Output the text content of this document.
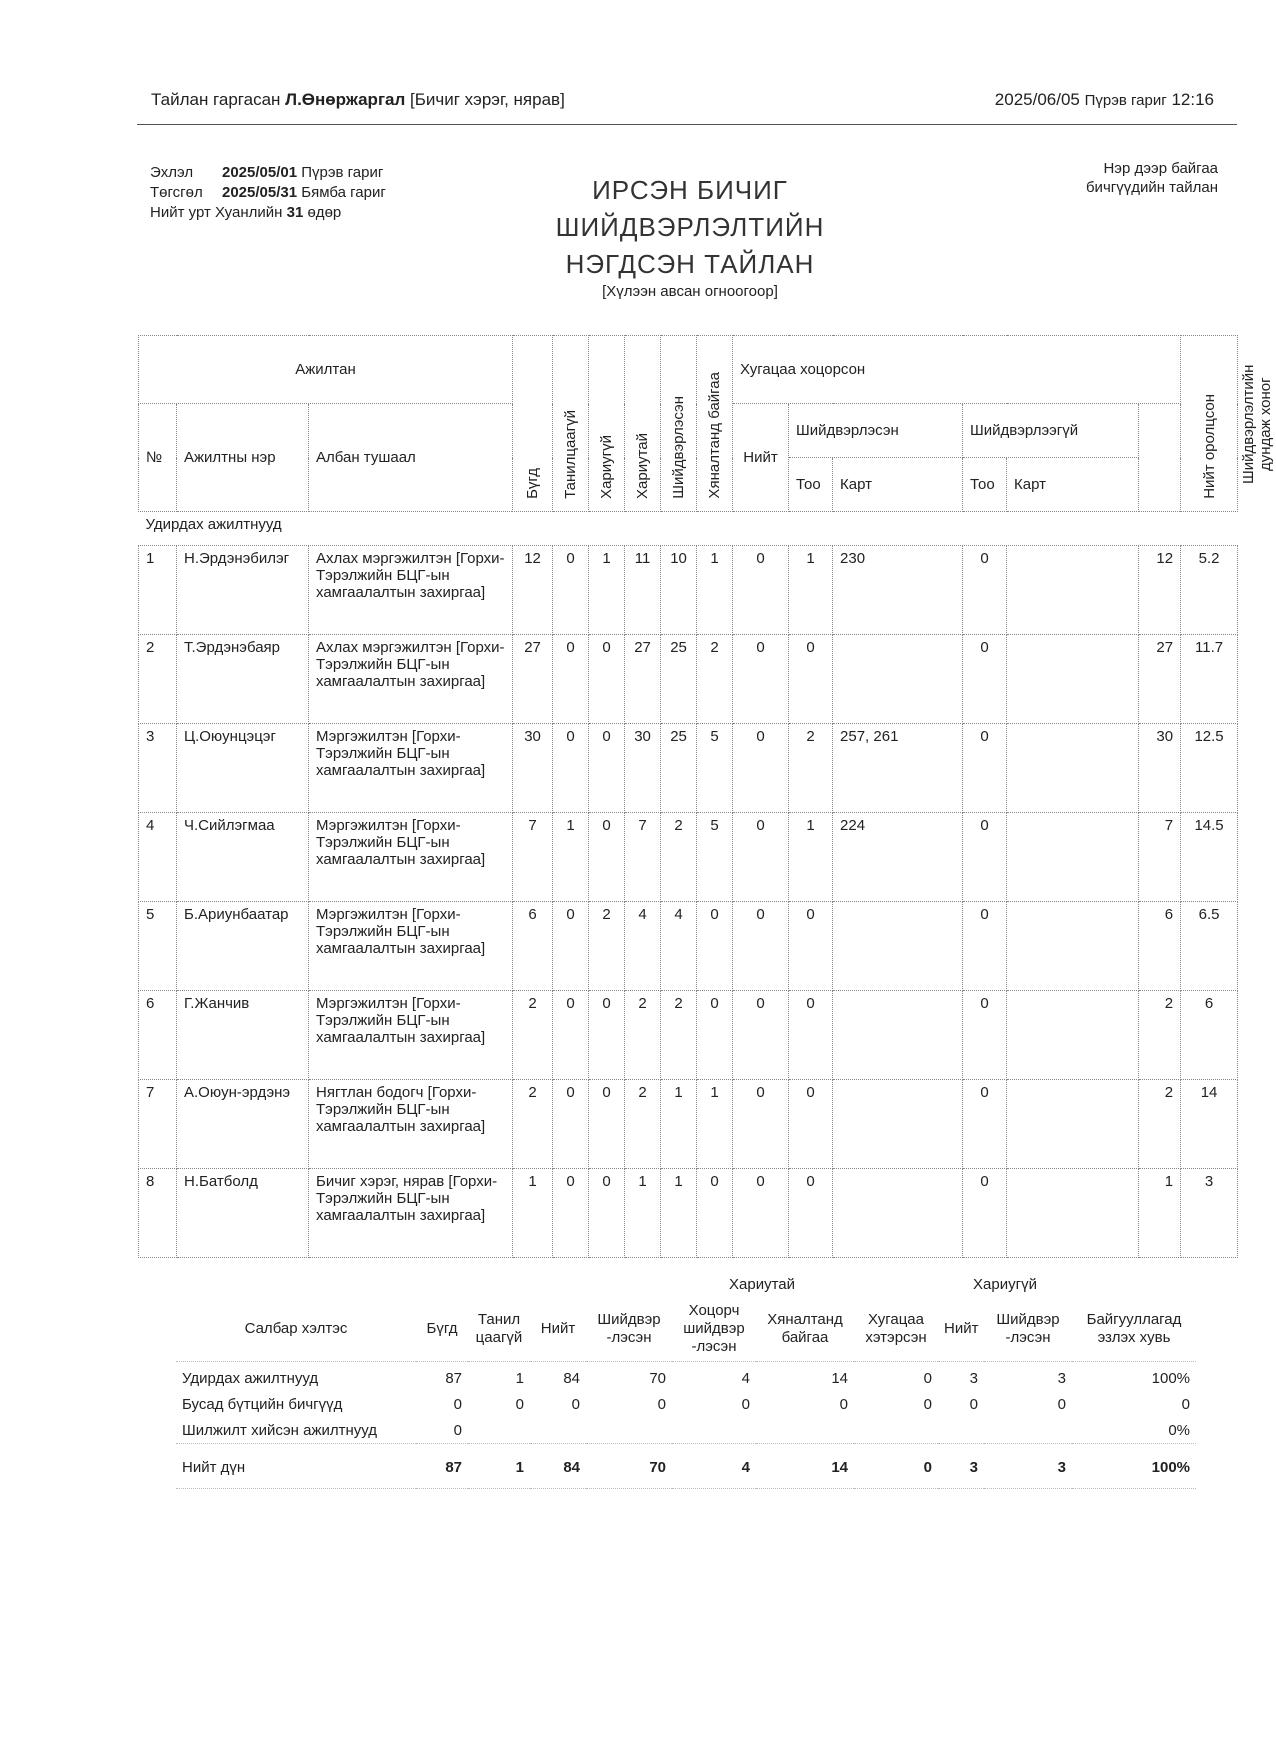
Тайлан гаргасан Л.Өнөржаргал [Бичиг хэрэг, нярав]	2025/06/05 Пүрэв гариг 12:16
Эхлэл 2025/05/01 Пүрэв гариг
Төгсгөл 2025/05/31 Бямба гариг
Нийт урт Хуанлийн 31 өдөр
ИРСЭН БИЧИГ
ШИЙДВЭРЛЭЛТИЙН
НЭГДСЭН ТАЙЛАН
[Хүлээн авсан огноогоор]
Нэр дээр байгаа
бичгүүдийн тайлан
Ажилтан			Бүгд	Танилцаагүй	Хариугүй	Хариутай	Шийдвэрлэсэн	Хяналтанд байгаа	Хугацаа хоцорсон						Нийт оролцсон	Шийдвэрлэлтийн дундаж хоног
№	Ажилтны нэр	Албан тушаал							Нийт	Шийдвэрлэсэн		Шийдвэрлээгүй				
										Тоо	Карт	Тоо	Карт			
Удирдах ажилтнууд																
1	Н.Эрдэнэбилэг	Ахлах мэргэжилтэн [Горхи-Тэрэлжийн БЦГ-ын хамгаалалтын захиргаа]	12	0	1	11	10	1	0	1	230	0		12	5.2	
2	Т.Эрдэнэбаяр	Ахлах мэргэжилтэн [Горхи-Тэрэлжийн БЦГ-ын хамгаалалтын захиргаа]	27	0	0	27	25	2	0	0		0		27	11.7	
3	Ц.Оюунцэцэг	Мэргэжилтэн [Горхи-Тэрэлжийн БЦГ-ын хамгаалалтын захиргаа]	30	0	0	30	25	5	0	2	257, 261	0		30	12.5	
4	Ч.Сийлэгмаа	Мэргэжилтэн [Горхи-Тэрэлжийн БЦГ-ын хамгаалалтын захиргаа]	7	1	0	7	2	5	0	1	224	0		7	14.5	
5	Б.Ариунбаатар	Мэргэжилтэн [Горхи-Тэрэлжийн БЦГ-ын хамгаалалтын захиргаа]	6	0	2	4	4	0	0	0		0		6	6.5	
6	Г.Жанчив	Мэргэжилтэн [Горхи-Тэрэлжийн БЦГ-ын хамгаалалтын захиргаа]	2	0	0	2	2	0	0	0		0		2	6	
7	А.Оюун-эрдэнэ	Нягтлан бодогч [Горхи-Тэрэлжийн БЦГ-ын хамгаалалтын захиргаа]	2	0	0	2	1	1	0	0		0		2	14	
8	Н.Батболд	Бичиг хэрэг, нярав [Горхи-Тэрэлжийн БЦГ-ын хамгаалалтын захиргаа]	1	0	0	1	1	0	0	0		0		1	3	
				Хариутай				Хариугүй		
Салбар хэлтэс	Бүгд	Танил цаагүй	Нийт	Шийдвэр -лэсэн	Хоцорч шийдвэр -лэсэн	Хяналтанд байгаа	Хугацаа хэтэрсэн	Нийт	Шийдвэр -лэсэн	Байгууллагад эзлэх хувь

Удирдах ажилтнууд	87	1	84	70	4	14	0	3	3	100%
Бусад бүтцийн бичгүүд	0	0	0	0	0	0	0	0	0	0
Шилжилт хийсэн ажилтнууд	0									0%

Нийт дүн	87	1	84	70	4	14	0	3	3	100%
